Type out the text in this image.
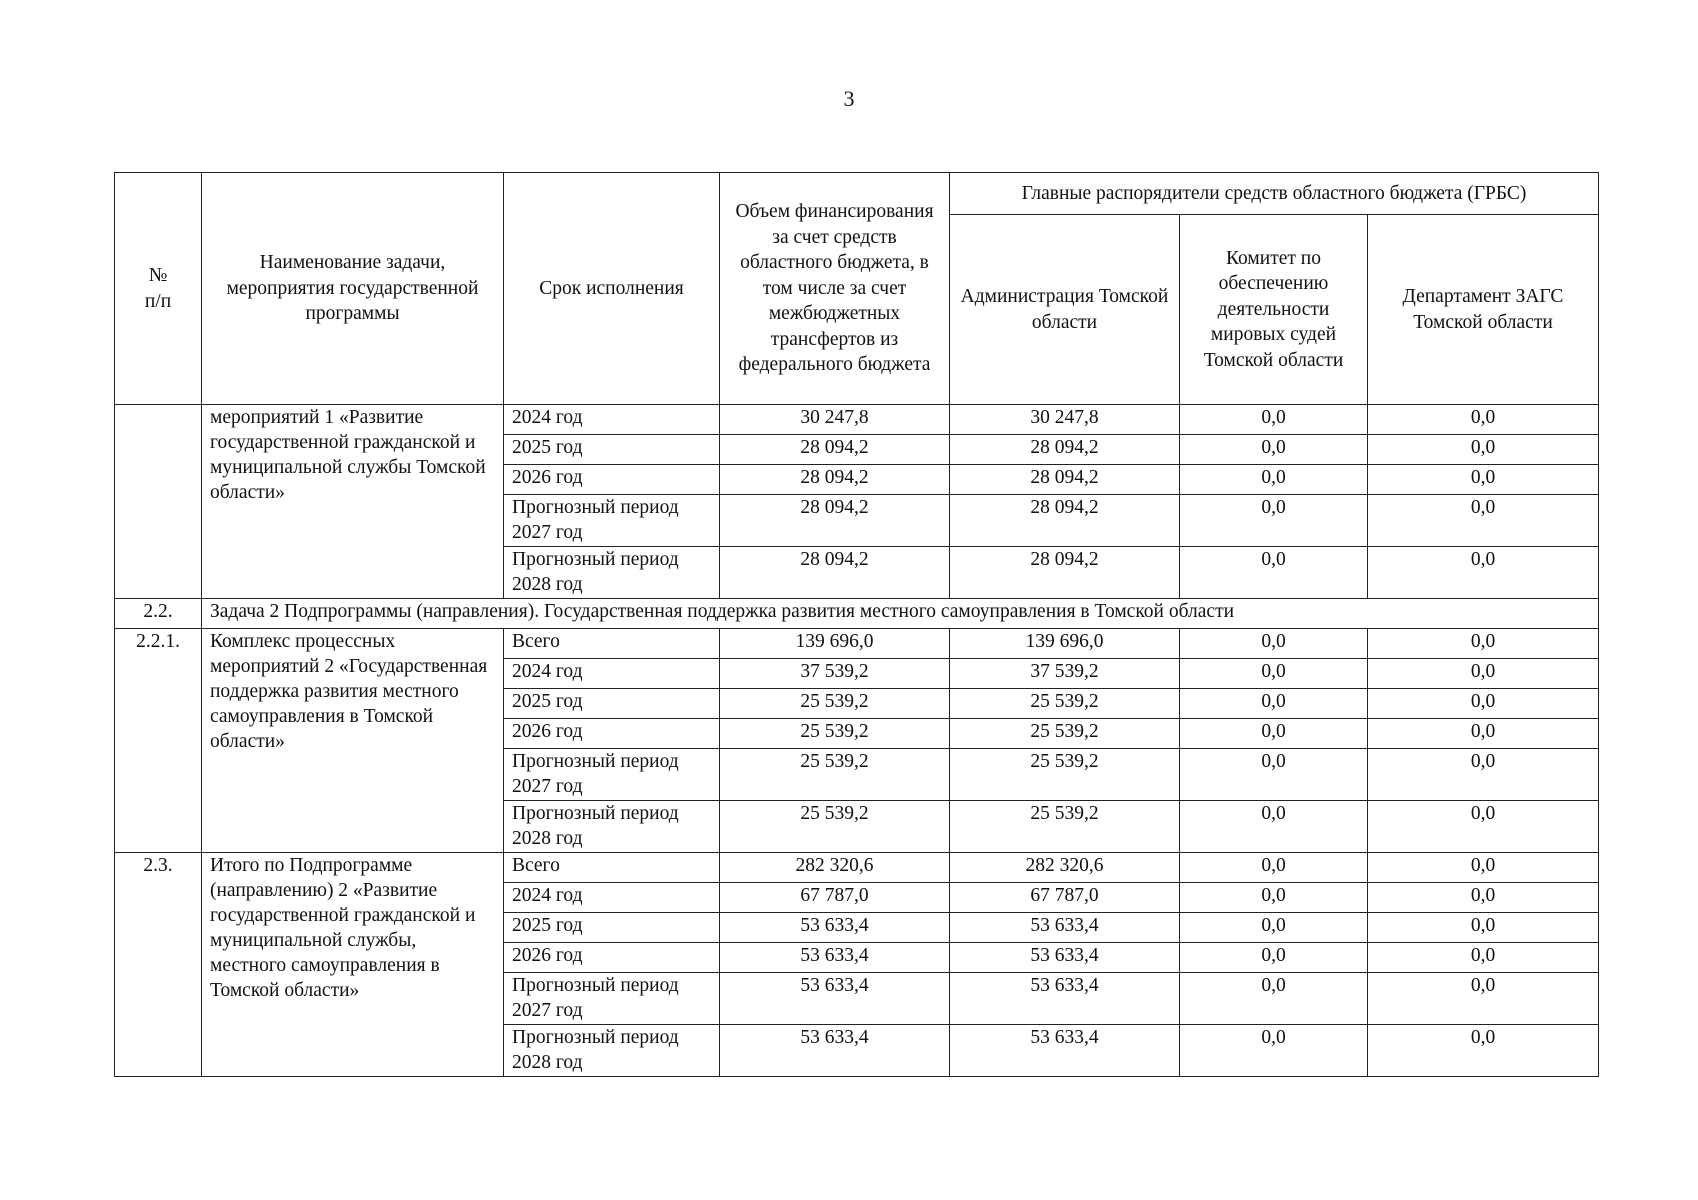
3
№
п/п	Наименование задачи, мероприятия государственной программы	Срок исполнения	Объем финансирования за счет средств областного бюджета, в том числе за счет межбюджетных трансфертов из федерального бюджета	Главные распорядители средств областного бюджета (ГРБС)		
				Администрация Томской области	Комитет по обеспечению деятельности мировых судей Томской области	Департамент ЗАГС Томской области
	мероприятий 1 «Развитие государственной гражданской и муниципальной службы Томской области»	2024 год	30 247,8	30 247,8	0,0	0,0
		2025 год	28 094,2	28 094,2	0,0	0,0
		2026 год	28 094,2	28 094,2	0,0	0,0
		Прогнозный период 2027 год	28 094,2	28 094,2	0,0	0,0
		Прогнозный период 2028 год	28 094,2	28 094,2	0,0	0,0
2.2.	Задача 2 Подпрограммы (направления). Государственная поддержка развития местного самоуправления в Томской области					
2.2.1.	Комплекс процессных мероприятий 2 «Государственная поддержка развития местного самоуправления в Томской области»	Всего	139 696,0	139 696,0	0,0	0,0
		2024 год	37 539,2	37 539,2	0,0	0,0
		2025 год	25 539,2	25 539,2	0,0	0,0
		2026 год	25 539,2	25 539,2	0,0	0,0
		Прогнозный период 2027 год	25 539,2	25 539,2	0,0	0,0
		Прогнозный период 2028 год	25 539,2	25 539,2	0,0	0,0
2.3.	Итого по Подпрограмме (направлению) 2 «Развитие государственной гражданской и муниципальной службы, местного самоуправления в Томской области»	Всего	282 320,6	282 320,6	0,0	0,0
		2024 год	67 787,0	67 787,0	0,0	0,0
		2025 год	53 633,4	53 633,4	0,0	0,0
		2026 год	53 633,4	53 633,4	0,0	0,0
		Прогнозный период 2027 год	53 633,4	53 633,4	0,0	0,0
		Прогнозный период 2028 год	53 633,4	53 633,4	0,0	0,0
